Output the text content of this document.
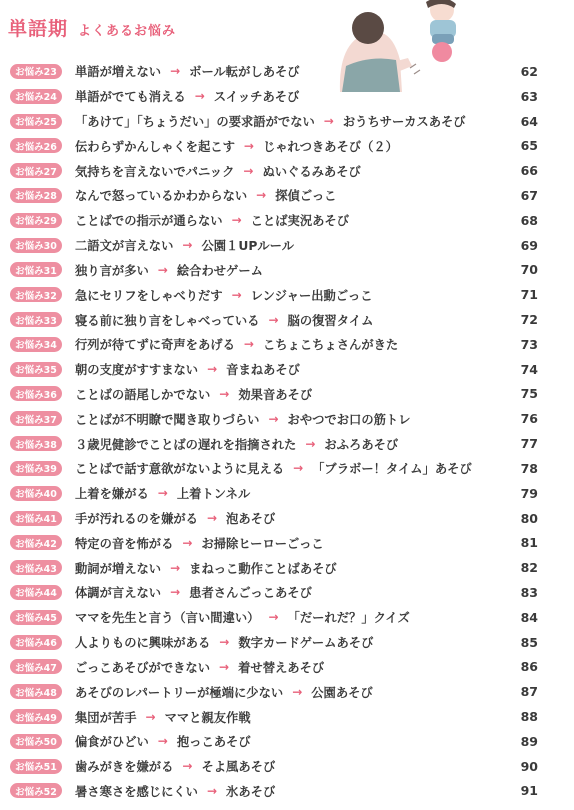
単語期 よくあるお悩み
お悩み23	単語が増えない → ボール転がしあそび	62
お悩み24	単語がでても消える → スイッチあそび	63
お悩み25	「あけて」「ちょうだい」の要求語がでない → おうちサーカスあそび	64
お悩み26	伝わらずかんしゃくを起こす → じゃれつきあそび（２）	65
お悩み27	気持ちを言えないでパニック → ぬいぐるみあそび	66
お悩み28	なんで怒っているかわからない → 探偵ごっこ	67
お悩み29	ことばでの指示が通らない → ことば実況あそび	68
お悩み30	二語文が言えない → 公園１UPルール	69
お悩み31	独り言が多い → 絵合わせゲーム	70
お悩み32	急にセリフをしゃべりだす → レンジャー出動ごっこ	71
お悩み33	寝る前に独り言をしゃべっている → 脳の復習タイム	72
お悩み34	行列が待てずに奇声をあげる → こちょこちょさんがきた	73
お悩み35	朝の支度がすすまない → 音まねあそび	74
お悩み36	ことばの語尾しかでない → 効果音あそび	75
お悩み37	ことばが不明瞭で聞き取りづらい → おやつでお口の筋トレ	76
お悩み38	３歳児健診でことばの遅れを指摘された → おふろあそび	77
お悩み39	ことばで話す意欲がないように見える → 「ブラボー！タイム」あそび	78
お悩み40	上着を嫌がる → 上着トンネル	79
お悩み41	手が汚れるのを嫌がる → 泡あそび	80
お悩み42	特定の音を怖がる → お掃除ヒーローごっこ	81
お悩み43	動詞が増えない → まねっこ動作ことばあそび	82
お悩み44	体調が言えない → 患者さんごっこあそび	83
お悩み45	ママを先生と言う（言い間違い） → 「だーれだ？」クイズ	84
お悩み46	人よりものに興味がある → 数字カードゲームあそび	85
お悩み47	ごっこあそびができない → 着せ替えあそび	86
お悩み48	あそびのレパートリーが極端に少ない → 公園あそび	87
お悩み49	集団が苦手 → ママと親友作戦	88
お悩み50	偏食がひどい → 抱っこあそび	89
お悩み51	歯みがきを嫌がる → そよ風あそび	90
お悩み52	暑さ寒さを感じにくい → 氷あそび	91
